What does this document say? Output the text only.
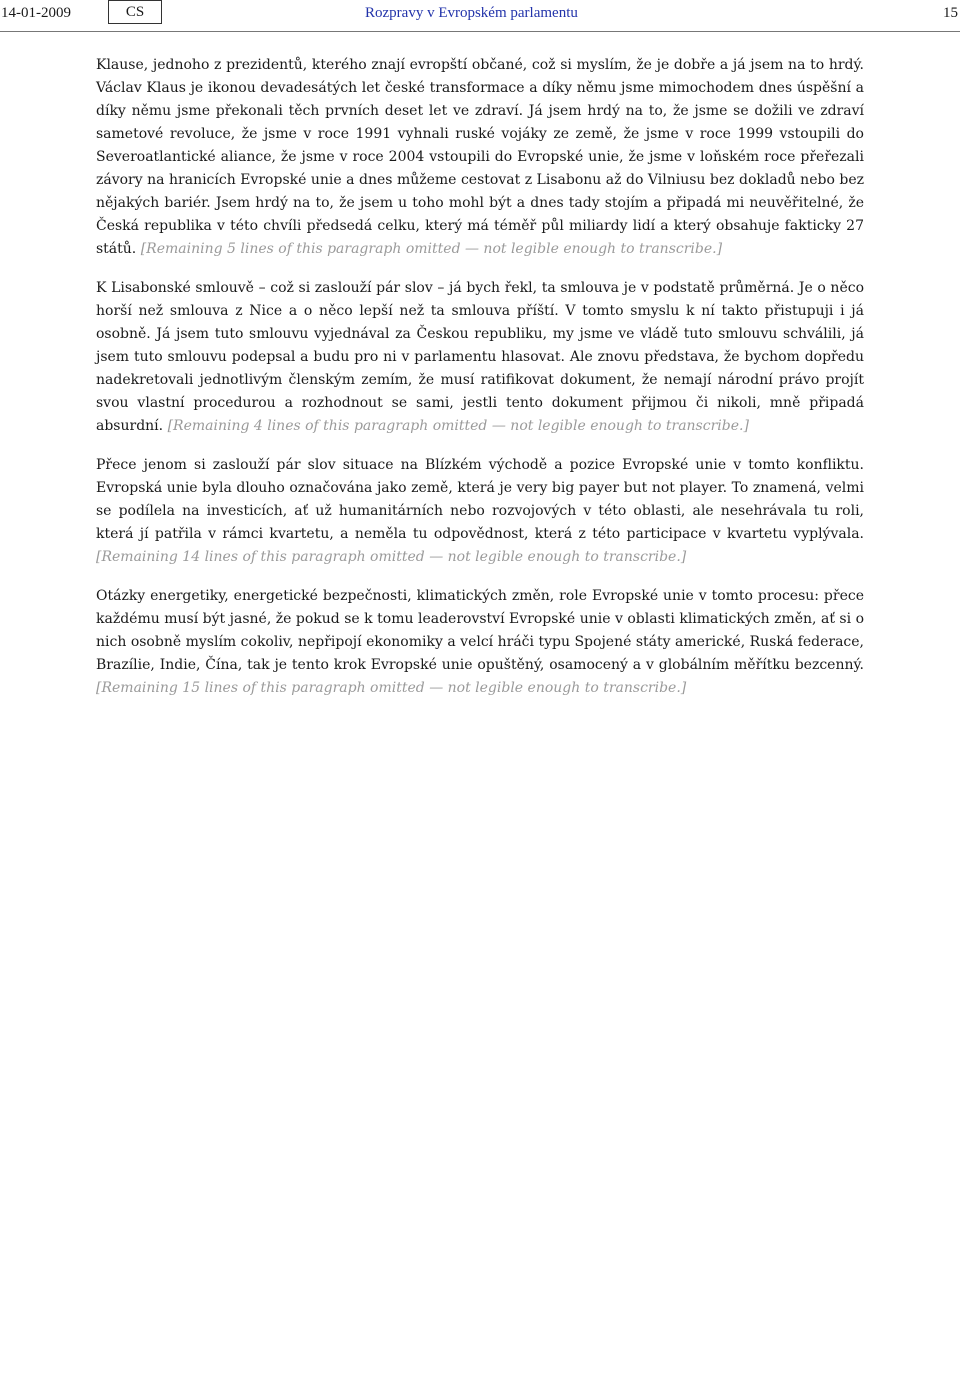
14-01-2009	CS	Rozpravy v Evropském parlamentu	15

Klause, jednoho z prezidentů, kterého znají evropští občané, což si myslím, že je dobře a já jsem na to hrdý. Václav Klaus je ikonou devadesátých let české transformace a díky němu jsme mimochodem dnes úspěšní a díky němu jsme překonali těch prvních deset let ve zdraví. Já jsem hrdý na to, že jsme se dožili ve zdraví sametové revoluce, že jsme v roce 1991 vyhnali ruské vojáky ze země, že jsme v roce 1999 vstoupili do Severoatlantické aliance, že jsme v roce 2004 vstoupili do Evropské unie, že jsme v loňském roce přeřezali závory na hranicích Evropské unie a dnes můžeme cestovat z Lisabonu až do Vilniusu bez dokladů nebo bez nějakých bariér. Jsem hrdý na to, že jsem u toho mohl být a dnes tady stojím a připadá mi neuvěřitelné, že Česká republika v této chvíli předsedá celku, který má téměř půl miliardy lidí a který obsahuje fakticky 27 států. [Remaining 5 lines of this paragraph omitted — not legible enough to transcribe.]

K Lisabonské smlouvě – což si zaslouží pár slov – já bych řekl, ta smlouva je v podstatě průměrná. Je o něco horší než smlouva z Nice a o něco lepší než ta smlouva příští. V tomto smyslu k ní takto přistupuji i já osobně. Já jsem tuto smlouvu vyjednával za Českou republiku, my jsme ve vládě tuto smlouvu schválili, já jsem tuto smlouvu podepsal a budu pro ni v parlamentu hlasovat. Ale znovu představa, že bychom dopředu nadekretovali jednotlivým členským zemím, že musí ratifikovat dokument, že nemají národní právo projít svou vlastní procedurou a rozhodnout se sami, jestli tento dokument přijmou či nikoli, mně připadá absurdní. [Remaining 4 lines of this paragraph omitted — not legible enough to transcribe.]

Přece jenom si zaslouží pár slov situace na Blízkém východě a pozice Evropské unie v tomto konfliktu. Evropská unie byla dlouho označována jako země, která je very big payer but not player. To znamená, velmi se podílela na investicích, ať už humanitárních nebo rozvojových v této oblasti, ale nesehrávala tu roli, která jí patřila v rámci kvartetu, a neměla tu odpovědnost, která z této participace v kvartetu vyplývala. [Remaining 14 lines of this paragraph omitted — not legible enough to transcribe.]

Otázky energetiky, energetické bezpečnosti, klimatických změn, role Evropské unie v tomto procesu: přece každému musí být jasné, že pokud se k tomu leaderovství Evropské unie v oblasti klimatických změn, ať si o nich osobně myslím cokoliv, nepřipojí ekonomiky a velcí hráči typu Spojené státy americké, Ruská federace, Brazílie, Indie, Čína, tak je tento krok Evropské unie opuštěný, osamocený a v globálním měřítku bezcenný. [Remaining 15 lines of this paragraph omitted — not legible enough to transcribe.]
